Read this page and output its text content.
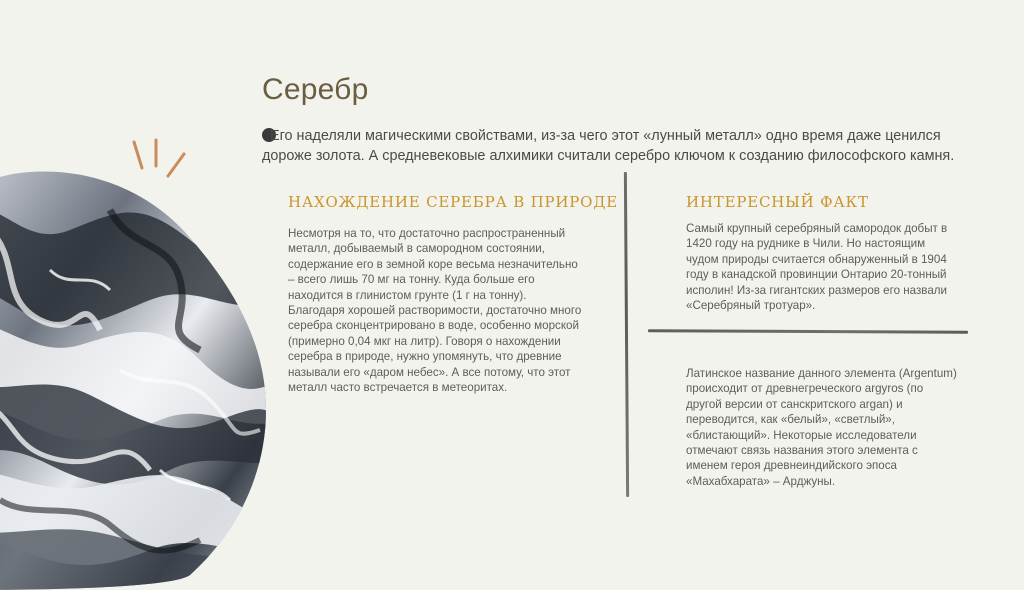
Серебр
Его наделяли магическими свойствами, из-за чего этот «лунный металл» одно время даже ценился дороже золота. А средневековые алхимики считали серебро ключом к созданию философского камня.
НАХОЖДЕНИЕ СЕРЕБРА В ПРИРОДЕ
Несмотря на то, что достаточно распространенный металл, добываемый в самородном состоянии, содержание его в земной коре весьма незначительно – всего лишь 70 мг на тонну. Куда больше его находится в глинистом грунте (1 г на тонну). Благодаря хорошей растворимости, достаточно много серебра сконцентрировано в воде, особенно морской (примерно 0,04 мкг на литр). Говоря о нахождении серебра в природе, нужно упомянуть, что древние называли его «даром небес». А все потому, что этот металл часто встречается в метеоритах.
ИНТЕРЕСНЫЙ ФАКТ
Самый крупный серебряный самородок добыт в 1420 году на руднике в Чили. Но настоящим чудом природы считается обнаруженный в 1904 году в канадской провинции Онтарио 20-тонный исполин! Из-за гигантских размеров его назвали «Серебряный тротуар».
Латинское название данного элемента (Argentum) происходит от древнегреческого argyros (по другой версии от санскритского argan) и переводится, как «белый», «светлый», «блистающий». Некоторые исследователи отмечают связь названия этого элемента с именем героя древнеиндийского эпоса «Махабхарата» – Арджуны.
